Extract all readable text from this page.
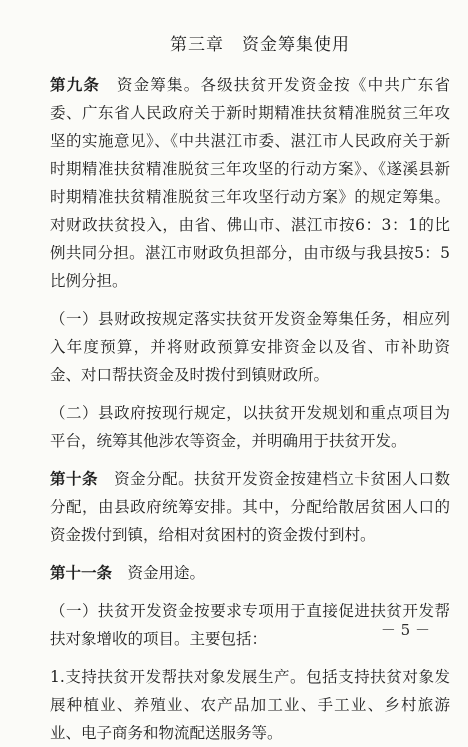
第三章　资金筹集使用

第九条　资金筹集。各级扶贫开发资金按《中共广东省委、广东省人民政府关于新时期精准扶贫精准脱贫三年攻坚的实施意见》、《中共湛江市委、湛江市人民政府关于新时期精准扶贫精准脱贫三年攻坚的行动方案》、《遂溪县新时期精准扶贫精准脱贫三年攻坚行动方案》的规定筹集。对财政扶贫投入，由省、佛山市、湛江市按6：3：1的比例共同分担。湛江市财政负担部分，由市级与我县按5：5比例分担。

（一）县财政按规定落实扶贫开发资金筹集任务，相应列入年度预算，并将财政预算安排资金以及省、市补助资金、对口帮扶资金及时拨付到镇财政所。

（二）县政府按现行规定，以扶贫开发规划和重点项目为平台，统筹其他涉农等资金，并明确用于扶贫开发。

第十条　资金分配。扶贫开发资金按建档立卡贫困人口数分配，由县政府统筹安排。其中，分配给散居贫困人口的资金拨付到镇，给相对贫困村的资金拨付到村。

第十一条　资金用途。

（一）扶贫开发资金按要求专项用于直接促进扶贫开发帮扶对象增收的项目。主要包括：

1.支持扶贫开发帮扶对象发展生产。包括支持扶贫对象发展种植业、养殖业、农产品加工业、手工业、乡村旅游业、电子商务和物流配送服务等。

－ 5 －
